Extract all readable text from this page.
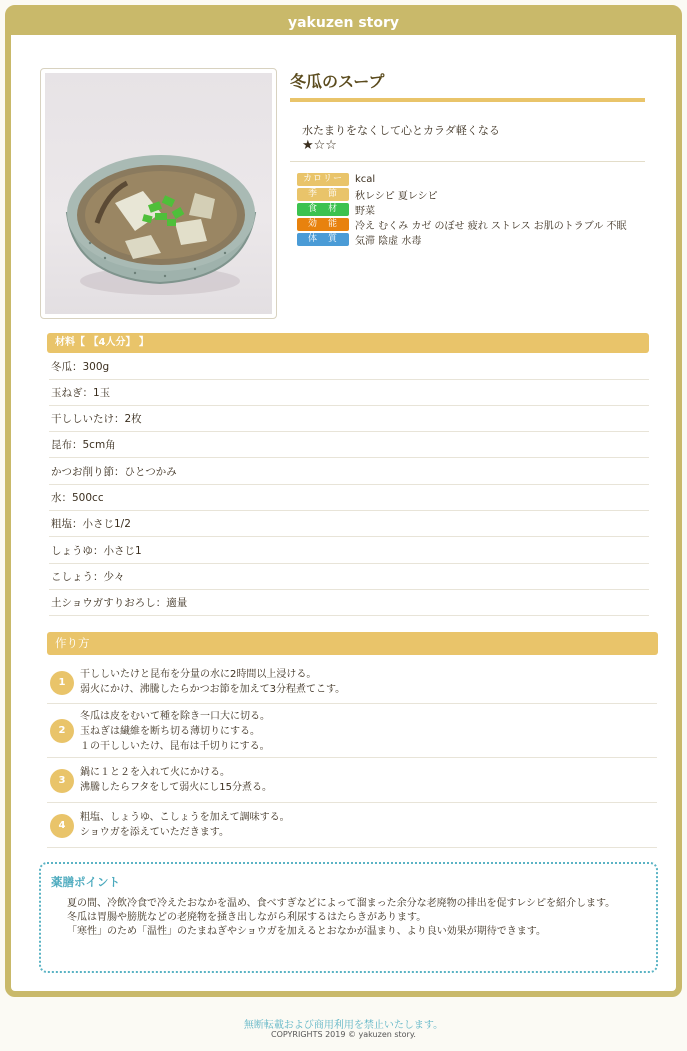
yakuzen story
冬瓜のスープ
水たまりをなくして心とカラダ軽くなる
★☆☆
カロリー	kcal
季　節	秋レシピ 夏レシピ
食　材	野菜
効　能	冷え むくみ カゼ のぼせ 疲れ ストレス お肌のトラブル 不眠
体　質	気滞 陰虚 水毒
材料【 【4人分】 】
冬瓜：300g
玉ねぎ：1玉
干ししいたけ：2枚
昆布：5cm角
かつお削り節：ひとつかみ
水：500cc
粗塩：小さじ1/2
しょうゆ：小さじ1
こしょう：少々
土ショウガすりおろし：適量
作り方
1
干ししいたけと昆布を分量の水に2時間以上浸ける。
弱火にかけ、沸騰したらかつお節を加えて3分程煮てこす。
2
冬瓜は皮をむいて種を除き一口大に切る。
玉ねぎは繊維を断ち切る薄切りにする。
１の干ししいたけ、昆布は千切りにする。
3
鍋に１と２を入れて火にかける。
沸騰したらフタをして弱火にし15分煮る。
4
粗塩、しょうゆ、こしょうを加えて調味する。
ショウガを添えていただきます。
薬膳ポイント
夏の間、冷飲冷食で冷えたおなかを温め、食べすぎなどによって溜まった余分な老廃物の排出を促すレシピを紹介します。
冬瓜は胃腸や膀胱などの老廃物を掻き出しながら利尿するはたらきがあります。
「寒性」のため「温性」のたまねぎやショウガを加えるとおなかが温まり、より良い効果が期待できます。
無断転載および商用利用を禁止いたします。
COPYRIGHTS 2019 © yakuzen story.
